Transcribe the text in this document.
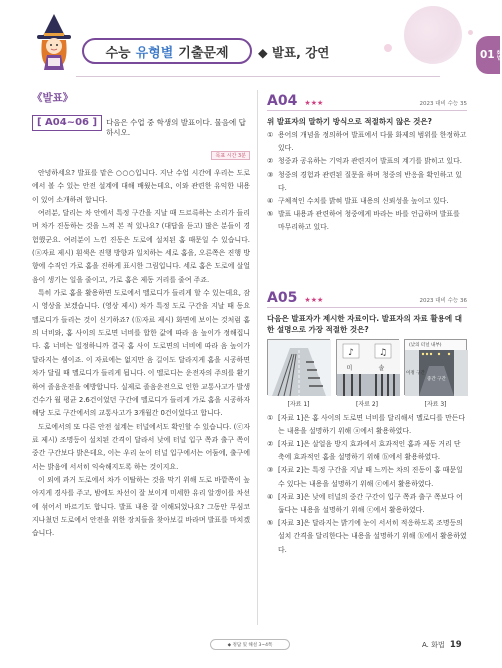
수능 유형별 기출문제 ◆ 발표, 강연	01 화법
《발표》
[ A04~06 ]	다음은 수업 중 학생의 발표이다. 물음에 답하시오.
목표 시간 3분

안녕하세요? 발표를 맡은 ○○○입니다. 지난 수업 시간에 우리는 도로에서 볼 수 있는 안전 설계에 대해 배웠는데요, 이와 관련한 유익한 내용이 있어 소개하려 합니다.

여러분, 달리는 차 안에서 특정 구간을 지날 때 드르륵하는 소리가 들리며 차가 진동하는 것을 느껴 본 적 있나요? (대답을 듣고) 많은 분들이 경험했군요. 여러분이 느낀 진동은 도로에 설치된 홈 때문일 수 있습니다. (ⓐ자료 제시) 흰색은 진행 방향과 일치하는 세로 홈을, 오른쪽은 진행 방향에 수직인 가로 홈을 진하게 표시한 그림입니다. 세로 홈은 도로에 살얼음이 생기는 일을 줄이고, 가로 홈은 제동 거리를 줄여 주죠.

특히 가로 홈을 활용하면 도로에서 멜로디가 들리게 할 수 있는데요, 잠시 영상을 보겠습니다. (영상 제시) 차가 특정 도로 구간을 지날 때 동요 멜로디가 들리는 것이 신기하죠? (ⓑ자료 제시) 화면에 보이는 것처럼 홈의 너비와, 홈 사이의 도로면 너비를 합한 값에 따라 음 높이가 정해집니다. 홈 너비는 일정하니까 결국 홈 사이 도로면의 너비에 따라 음 높이가 달라지는 셈이죠. 이 자료에는 없지만 음 길이도 달라지게 홈을 시공하면 차가 달릴 때 멜로디가 들리게 됩니다. 이 멜로디는 운전자의 주의를 환기하여 졸음운전을 예방합니다. 실제로 졸음운전으로 인한 교통사고가 발생 건수가 월 평균 2.6건이었던 구간에 멜로디가 들리게 가로 홈을 시공하자 해당 도로 구간에서의 교통사고가 3개월간 0건이었다고 합니다.

도로에서의 또 다른 안전 설계는 터널에서도 확인할 수 있습니다. (ⓒ자료 제시) 조명등이 설치된 간격이 달라서 낮에 터널 입구 쪽과 출구 쪽이 중간 구간보다 밝은데요, 이는 우리 눈이 터널 입구에서는 어둠에, 출구에서는 밝음에 서서히 익숙해지도록 하는 것이지요.

이 외에 과거 도로에서 차가 이탈하는 것을 막기 위해 도로 바깥쪽이 높아지게 경사를 주고, 밤에도 차선이 잘 보이게 미세한 유리 알갱이를 차선에 섞어서 바르기도 합니다. 발표 내용 잘 이해되었나요? 그동안 무심코 지나쳤던 도로에서 안전을 위한 장치들을 찾아보길 바라며 발표를 마치겠습니다.

A04 ★★★	2023 대비 수능 35
위 발표자의 말하기 방식으로 적절하지 않은 것은?
① 용어의 개념을 정의하여 발표에서 다룰 화제의 범위를 한정하고 있다.
② 청중과 공유하는 기억과 관련지어 발표의 계기를 밝히고 있다.
③ 청중의 경험과 관련된 질문을 하며 청중의 반응을 확인하고 있다.
④ 구체적인 수치를 밝혀 발표 내용의 신뢰성을 높이고 있다.
⑤ 발표 내용과 관련하여 청중에게 바라는 바를 언급하며 발표를 마무리하고 있다.
A05 ★★★	2023 대비 수능 36
다음은 발표자가 제시한 자료이다. 발표자의 자료 활용에 대한 설명으로 가장 적절한 것은?
[자료 1]
♪	♫
미	솔
[자료 2]
(낮의 터널 내부)
이정 구간
중간 구간
[자료 3]
① [자료 1]은 홈 사이의 도로면 너비를 달리해서 멜로디를 만든다는 내용을 설명하기 위해 ⓐ에서 활용하였다.
② [자료 1]은 살얼음 방지 효과에서 효과적인 홈과 제동 거리 단축에 효과적인 홈을 설명하기 위해 ⓑ에서 활용하였다.
③ [자료 2]는 특정 구간을 지날 때 느끼는 차의 진동이 홈 때문일 수 있다는 내용을 설명하기 위해 ⓒ에서 활용하였다.
④ [자료 3]은 낮에 터널의 중간 구간이 입구 쪽과 출구 쪽보다 어둡다는 내용을 설명하기 위해 ⓒ에서 활용하였다.
⑤ [자료 3]은 달라지는 밝기에 눈이 서서히 적응하도록 조명등의 설치 간격을 달리한다는 내용을 설명하기 위해 ⓑ에서 활용하였다.
◆ 정답 및 해설 3~4쪽	A. 화법 19
